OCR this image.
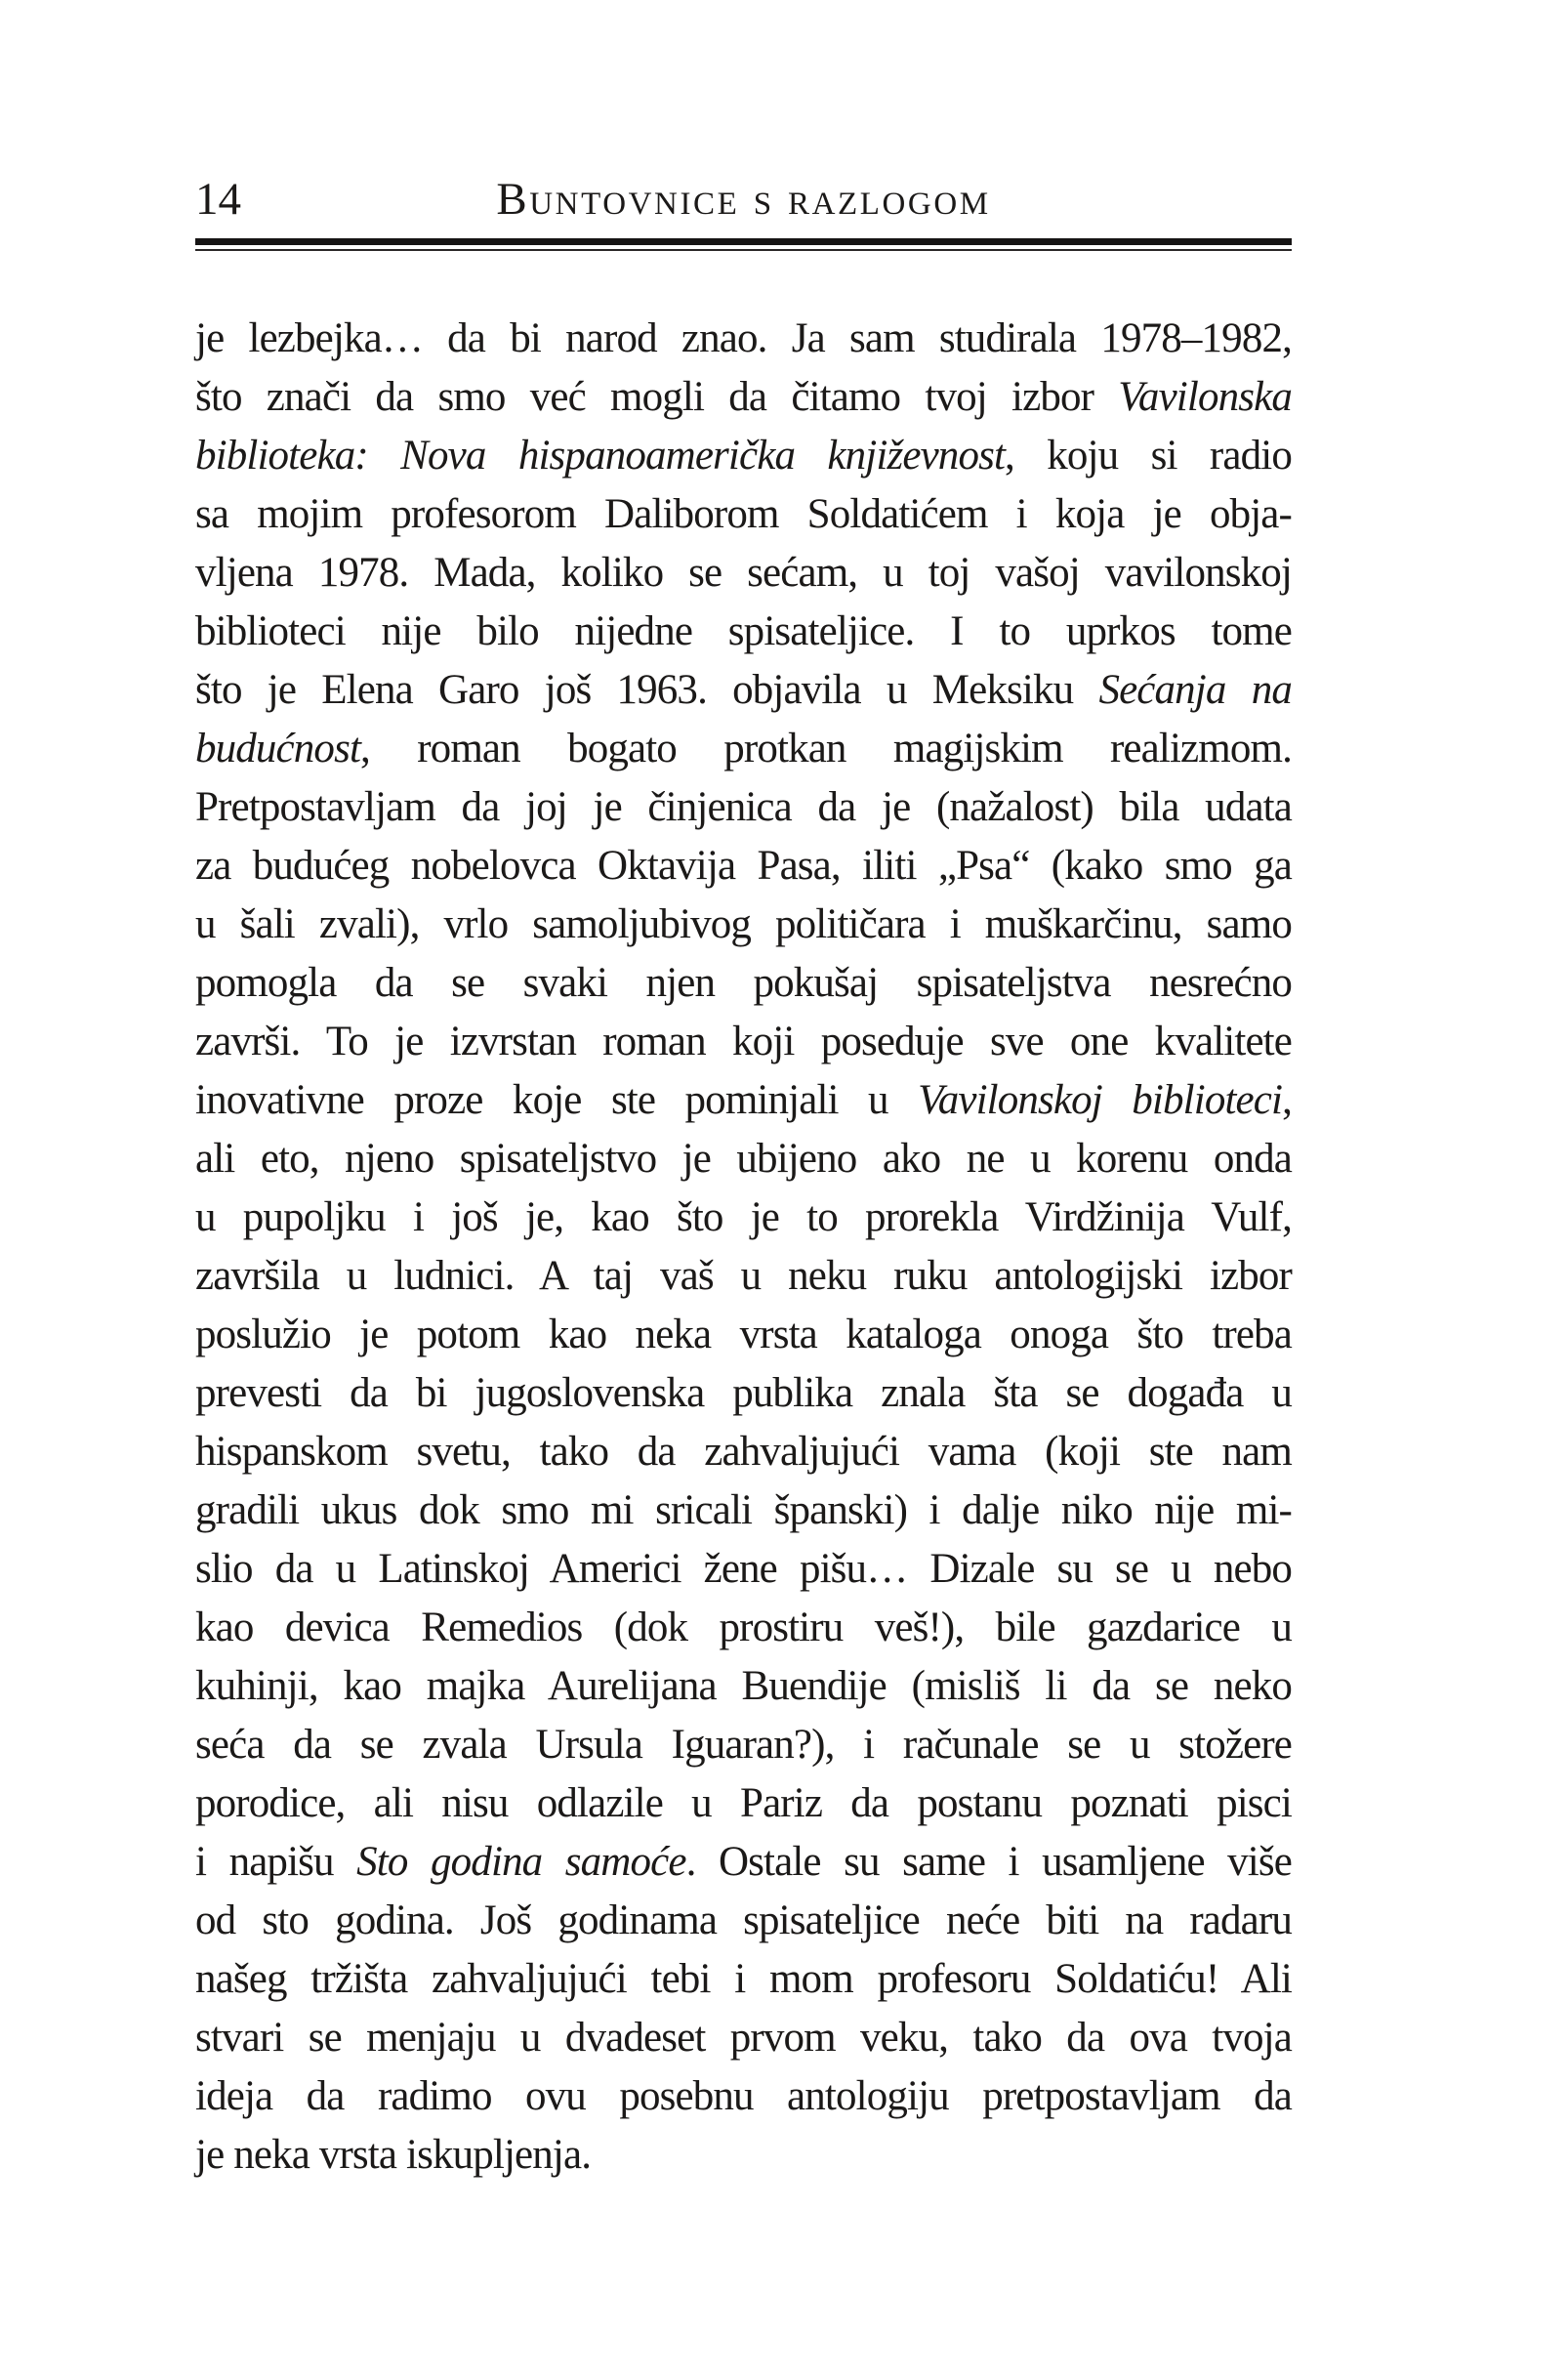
14	Buntovnice s razlogom
je lezbejka… da bi narod znao. Ja sam studirala 1978–1982,
što znači da smo već mogli da čitamo tvoj izbor Vavilonska
biblioteka: Nova hispanoamerička književnost, koju si radio
sa mojim profesorom Daliborom Soldatićem i koja je obja-
vljena 1978. Mada, koliko se sećam, u toj vašoj vavilonskoj
biblioteci nije bilo nijedne spisateljice. I to uprkos tome
što je Elena Garo još 1963. objavila u Meksiku Sećanja na
budućnost, roman bogato protkan magijskim realizmom.
Pretpostavljam da joj je činjenica da je (nažalost) bila udata
za budućeg nobelovca Oktavija Pasa, iliti „Psa“ (kako smo ga
u šali zvali), vrlo samoljubivog političara i muškarčinu, samo
pomogla da se svaki njen pokušaj spisateljstva nesrećno
završi. To je izvrstan roman koji poseduje sve one kvalitete
inovativne proze koje ste pominjali u Vavilonskoj biblioteci,
ali eto, njeno spisateljstvo je ubijeno ako ne u korenu onda
u pupoljku i još je, kao što je to prorekla Virdžinija Vulf,
završila u ludnici. A taj vaš u neku ruku antologijski izbor
poslužio je potom kao neka vrsta kataloga onoga što treba
prevesti da bi jugoslovenska publika znala šta se događa u
hispanskom svetu, tako da zahvaljujući vama (koji ste nam
gradili ukus dok smo mi sricali španski) i dalje niko nije mi-
slio da u Latinskoj Americi žene pišu… Dizale su se u nebo
kao devica Remedios (dok prostiru veš!), bile gazdarice u
kuhinji, kao majka Aurelijana Buendije (misliš li da se neko
seća da se zvala Ursula Iguaran?), i računale se u stožere
porodice, ali nisu odlazile u Pariz da postanu poznati pisci
i napišu Sto godina samoće. Ostale su same i usamljene više
od sto godina. Još godinama spisateljice neće biti na radaru
našeg tržišta zahvaljujući tebi i mom profesoru Soldatiću! Ali
stvari se menjaju u dvadeset prvom veku, tako da ova tvoja
ideja da radimo ovu posebnu antologiju pretpostavljam da
je neka vrsta iskupljenja.
